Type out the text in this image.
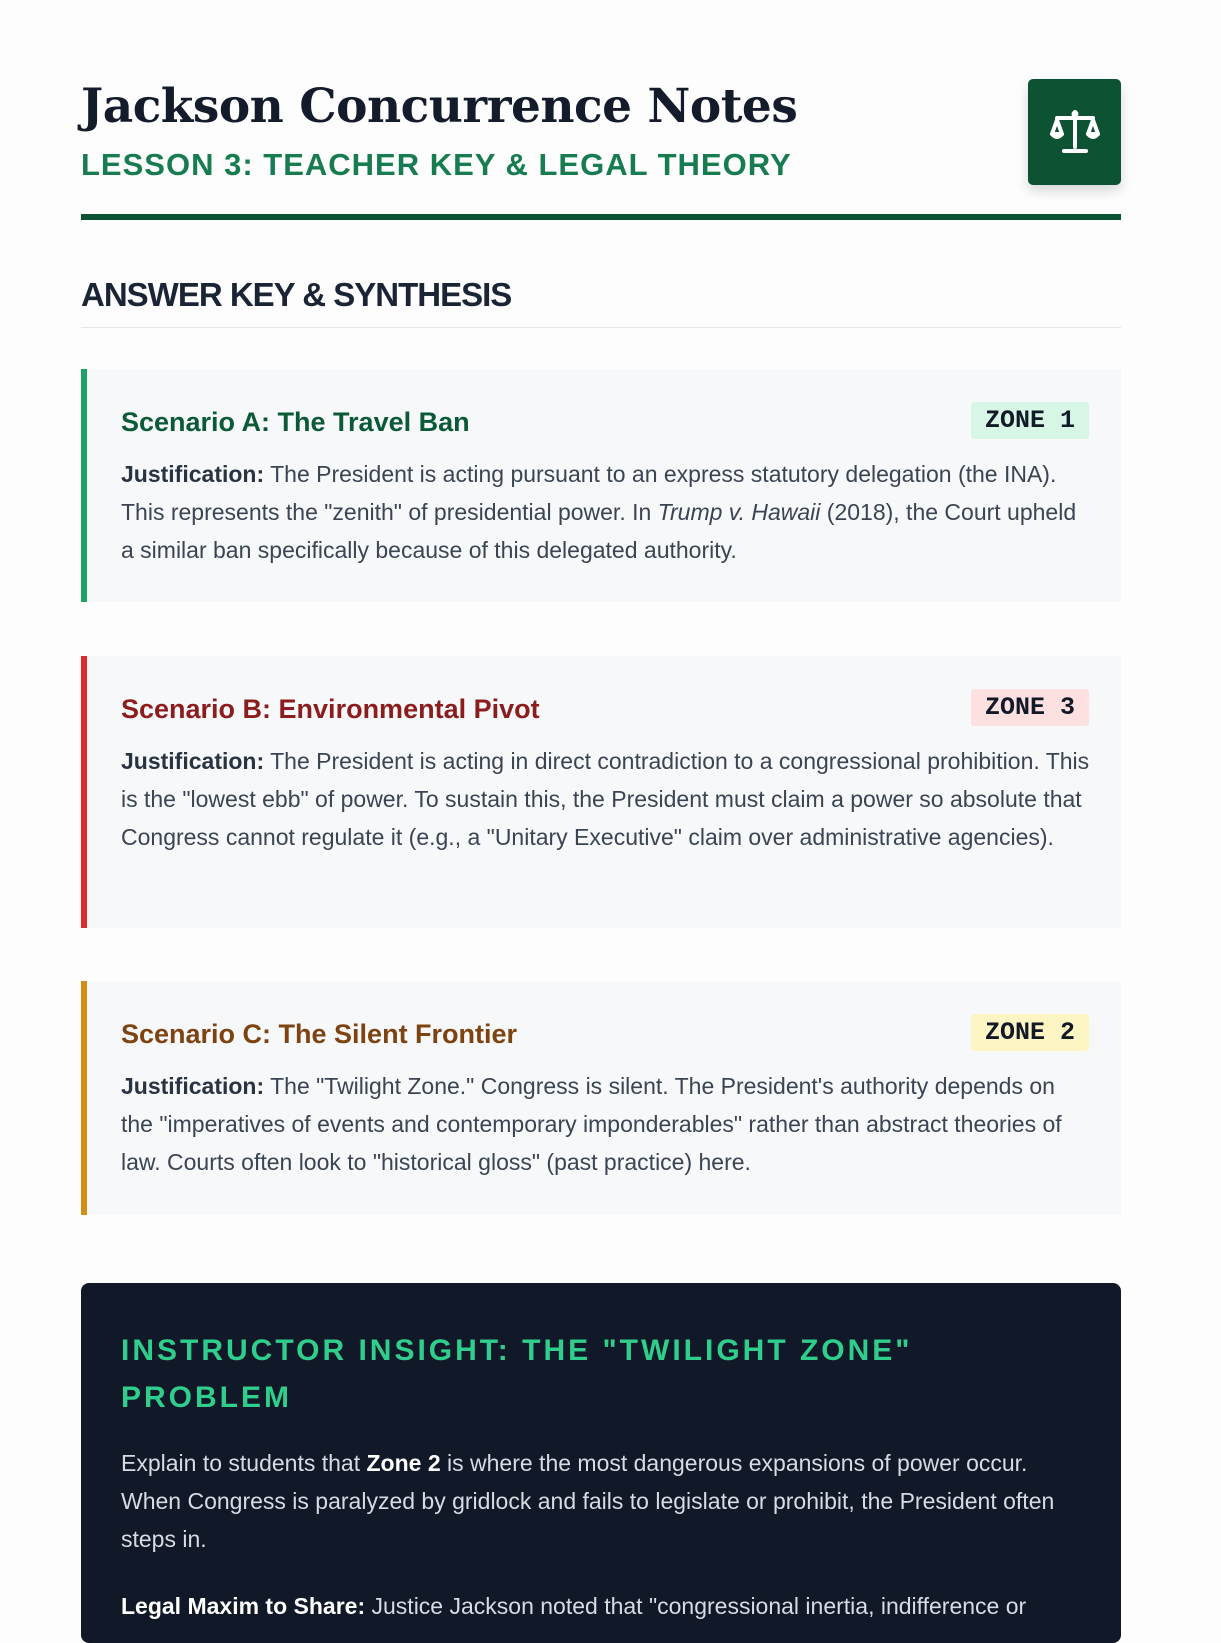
Jackson Concurrence Notes
LESSON 3: TEACHER KEY & LEGAL THEORY
ANSWER KEY & SYNTHESIS
Scenario A: The Travel Ban	ZONE 1

Justification: The President is acting pursuant to an express statutory delegation (the INA). This represents the "zenith" of presidential power. In Trump v. Hawaii (2018), the Court upheld a similar ban specifically because of this delegated authority.

Scenario B: Environmental Pivot	ZONE 3

Justification: The President is acting in direct contradiction to a congressional prohibition. This is the "lowest ebb" of power. To sustain this, the President must claim a power so absolute that Congress cannot regulate it (e.g., a "Unitary Executive" claim over administrative agencies).

Scenario C: The Silent Frontier	ZONE 2

Justification: The "Twilight Zone." Congress is silent. The President's authority depends on the "imperatives of events and contemporary imponderables" rather than abstract theories of law. Courts often look to "historical gloss" (past practice) here.

INSTRUCTOR INSIGHT: THE "TWILIGHT ZONE" PROBLEM

Explain to students that Zone 2 is where the most dangerous expansions of power occur. When Congress is paralyzed by gridlock and fails to legislate or prohibit, the President often steps in.

Legal Maxim to Share: Justice Jackson noted that "congressional inertia, indifference or
